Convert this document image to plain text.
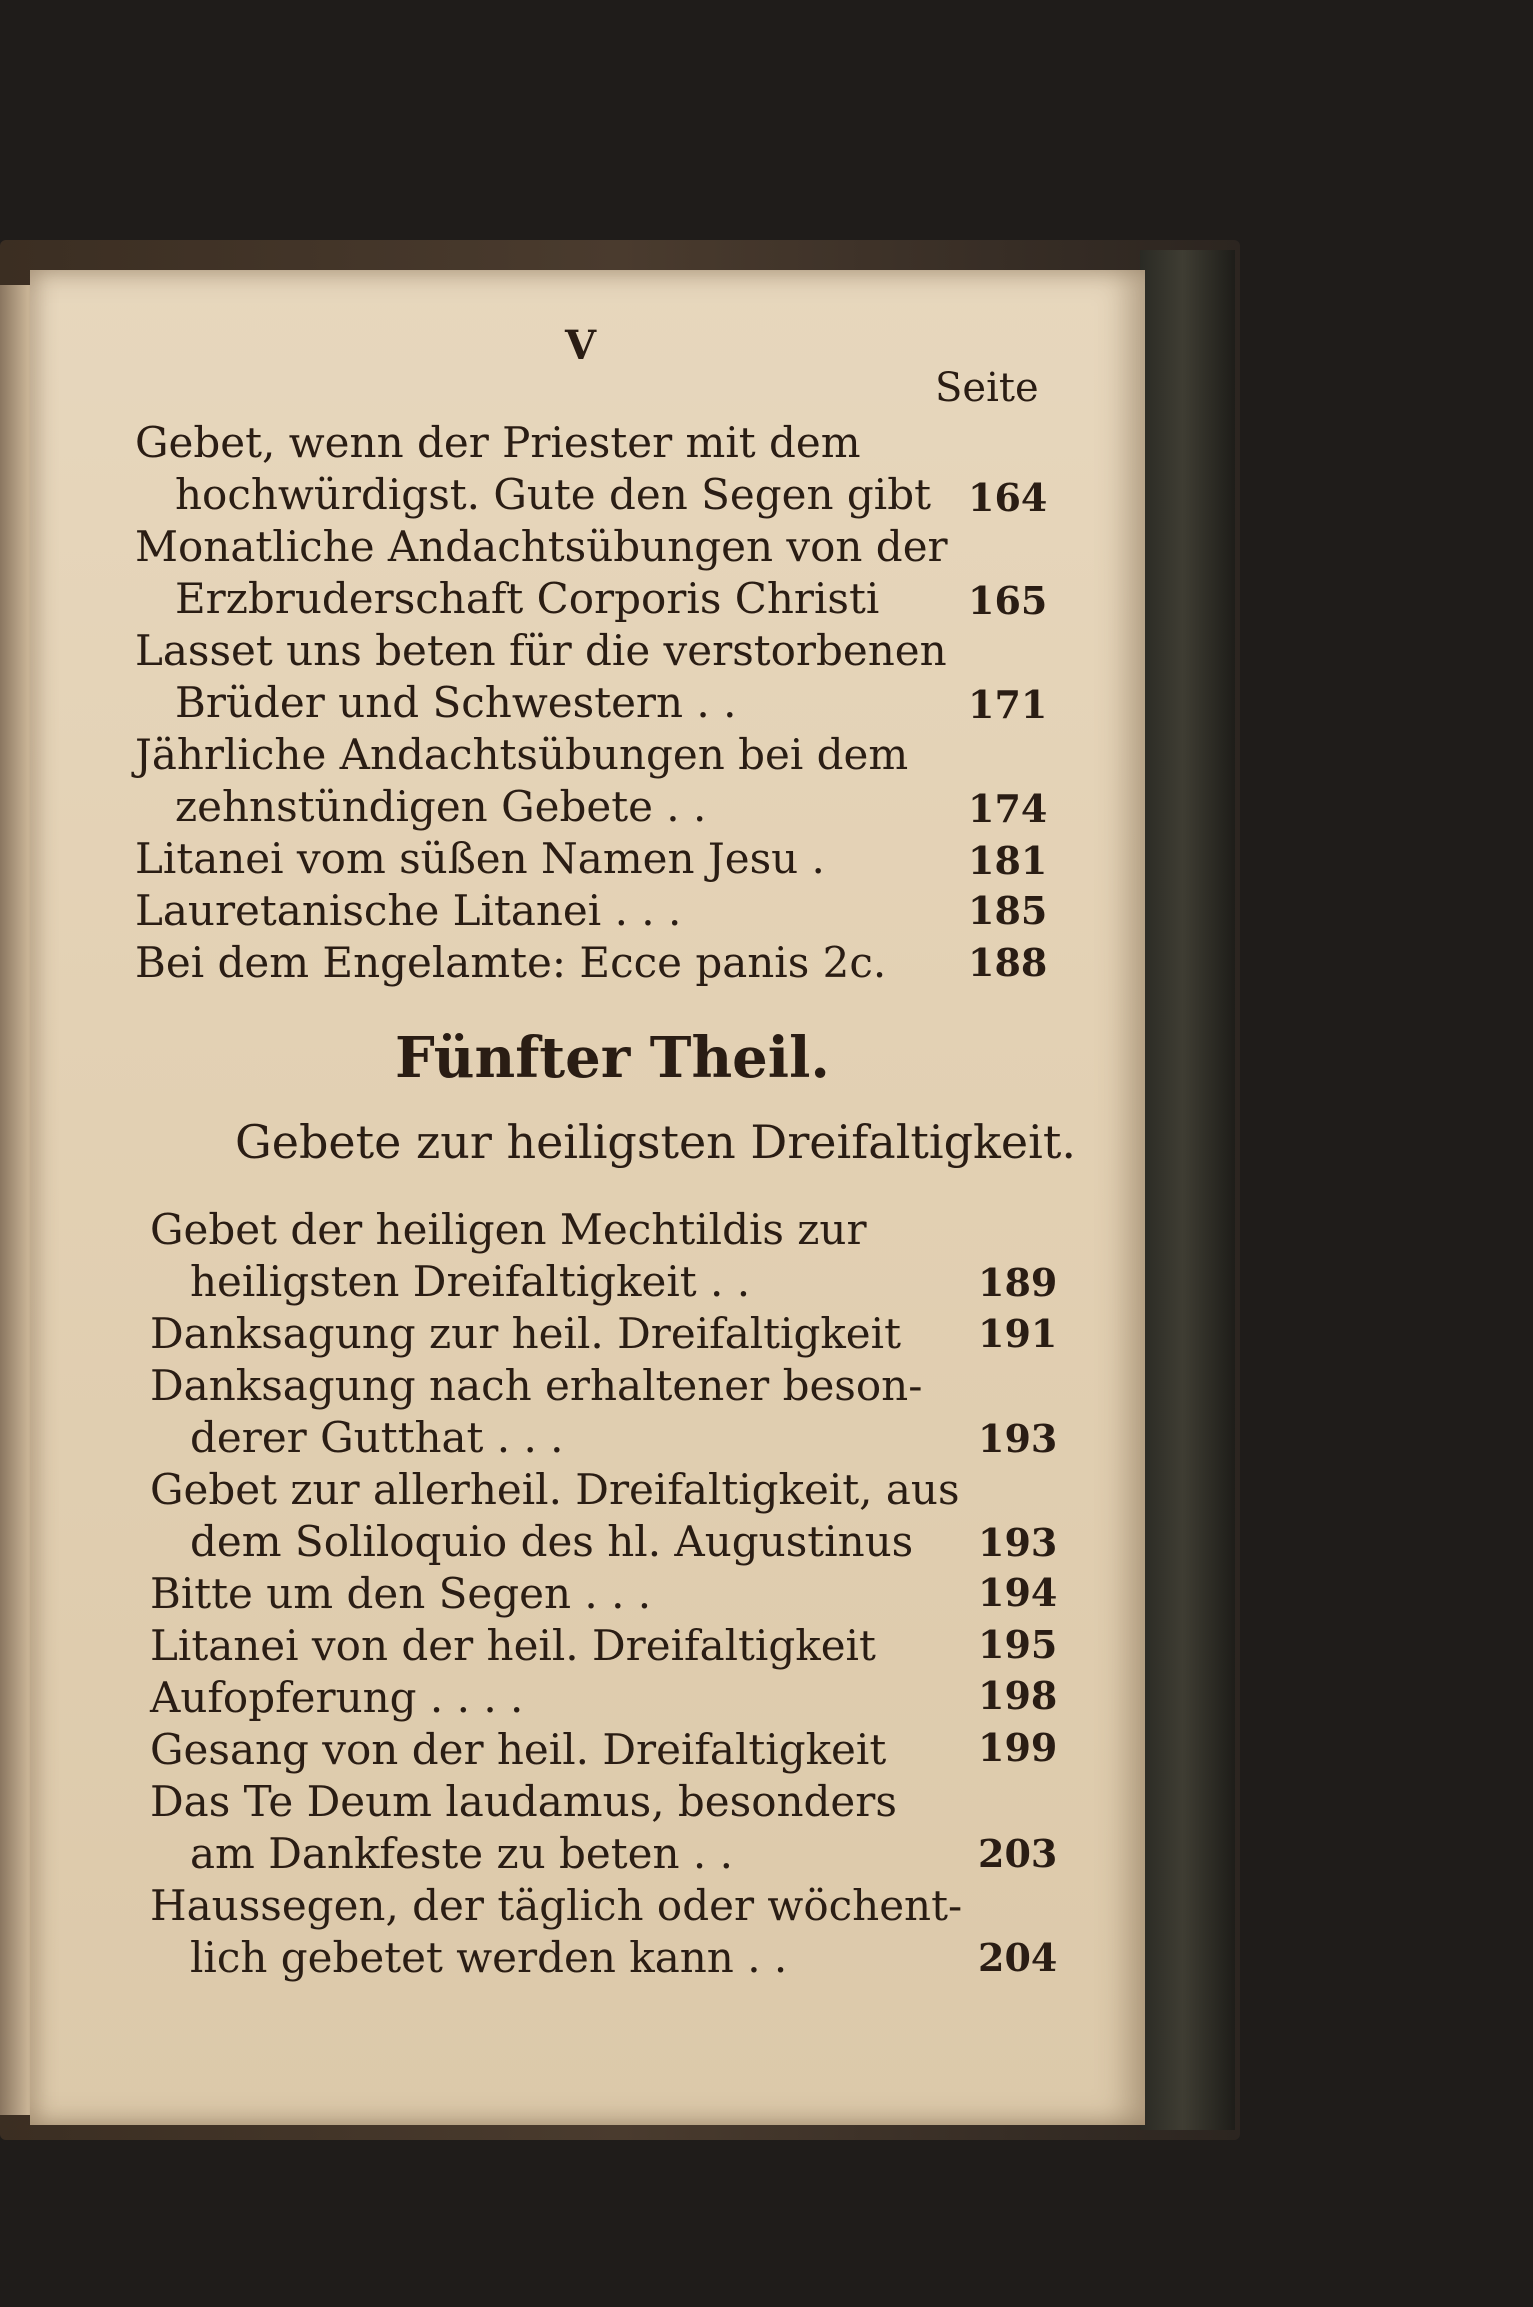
V
Seite
Gebet, wenn der Priester mit dem
hochwürdigst. Gute den Segen gibt 164
Monatliche Andachtsübungen von der
Erzbruderschaft Corporis Christi 165
Lasset uns beten für die verstorbenen
Brüder und Schwestern . .	171
Jährliche Andachtsübungen bei dem
zehnstündigen Gebete . .	174
Litanei vom süßen Namen Jesu .	181
Lauretanische Litanei . . .	185
Bei dem Engelamte: Ecce panis 2c. 188
Fünfter Theil.
Gebete zur heiligsten Dreifaltigkeit.
Gebet der heiligen Mechtildis zur
heiligsten Dreifaltigkeit . .	189
Danksagung zur heil. Dreifaltigkeit 191
Danksagung nach erhaltener beson-
derer Gutthat . . .	193
Gebet zur allerheil. Dreifaltigkeit, aus
dem Soliloquio des hl. Augustinus 193
Bitte um den Segen . . .	194
Litanei von der heil. Dreifaltigkeit	195
Aufopferung . . . .	198
Gesang von der heil. Dreifaltigkeit 199
Das Te Deum laudamus, besonders
am Dankfeste zu beten . .	203
Haussegen, der täglich oder wöchent-
lich gebetet werden kann . .	204
